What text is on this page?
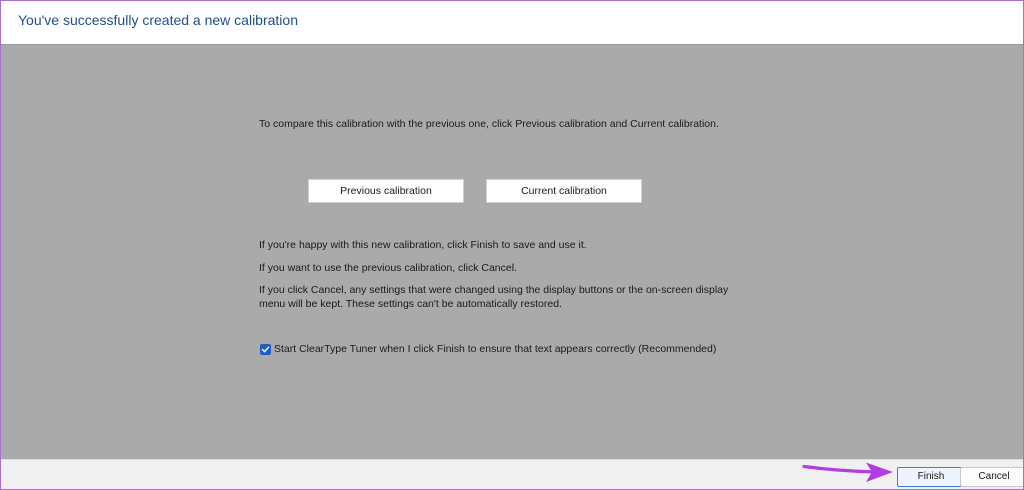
You've successfully created a new calibration
To compare this calibration with the previous one, click Previous calibration and Current calibration.
Previous calibration	Current calibration
If you're happy with this new calibration, click Finish to save and use it.
If you want to use the previous calibration, click Cancel.
If you click Cancel, any settings that were changed using the display buttons or the on-screen display
menu will be kept. These settings can't be automatically restored.
Start ClearType Tuner when I click Finish to ensure that text appears correctly (Recommended)
Finish	Cancel
